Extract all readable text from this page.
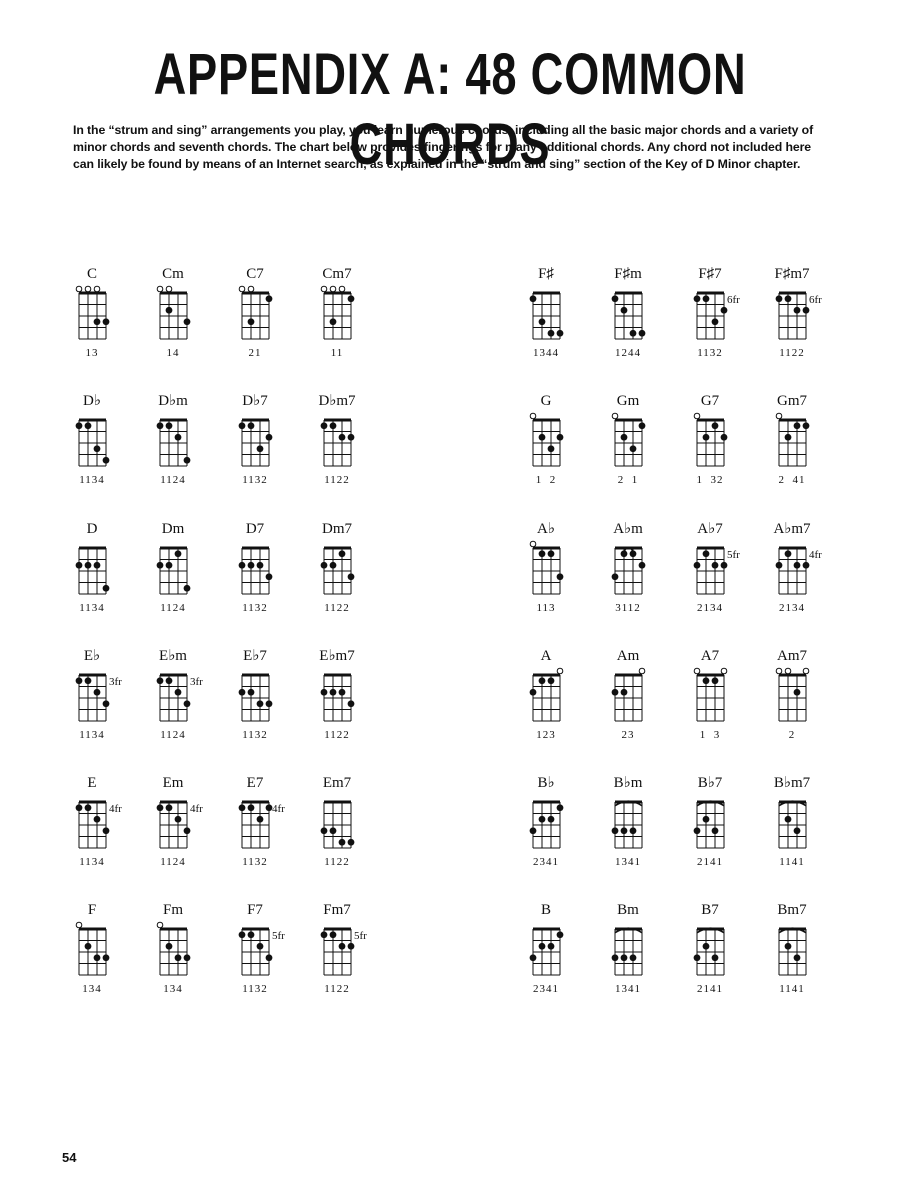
APPENDIX A: 48 COMMON CHORDS

In the “strum and sing” arrangements you play, you learn numerous chords, including all the basic major chords and a variety of minor chords and seventh chords. The chart below provides fingerings for many additional chords. Any chord not included here can likely be found by means of an Internet search, as explained in the “strum and sing” section of the Key of D Minor chapter.

C
13
Cm
14
C7
21
Cm7
11
F♯
1344
F♯m
1244
F♯7
6fr
1132
F♯m7
6fr
1122
D♭
1134
D♭m
1124
D♭7
1132
D♭m7
1122
G
1  2
Gm
2  1
G7
1  32
Gm7
2  41
D
1134
Dm
1124
D7
1132
Dm7
1122
A♭
113
A♭m
3112
A♭7
5fr
2134
A♭m7
4fr
2134
E♭
3fr
1134
E♭m
3fr
1124
E♭7
1132
E♭m7
1122
A
123
Am
23
A7
1  3
Am7
2
E
4fr
1134
Em
4fr
1124
E7
4fr
1132
Em7
1122
B♭
2341
B♭m
1341
B♭7
2141
B♭m7
1141
F
134
Fm
134
F7
5fr
1132
Fm7
5fr
1122
B
2341
Bm
1341
B7
2141
Bm7
1141
54
